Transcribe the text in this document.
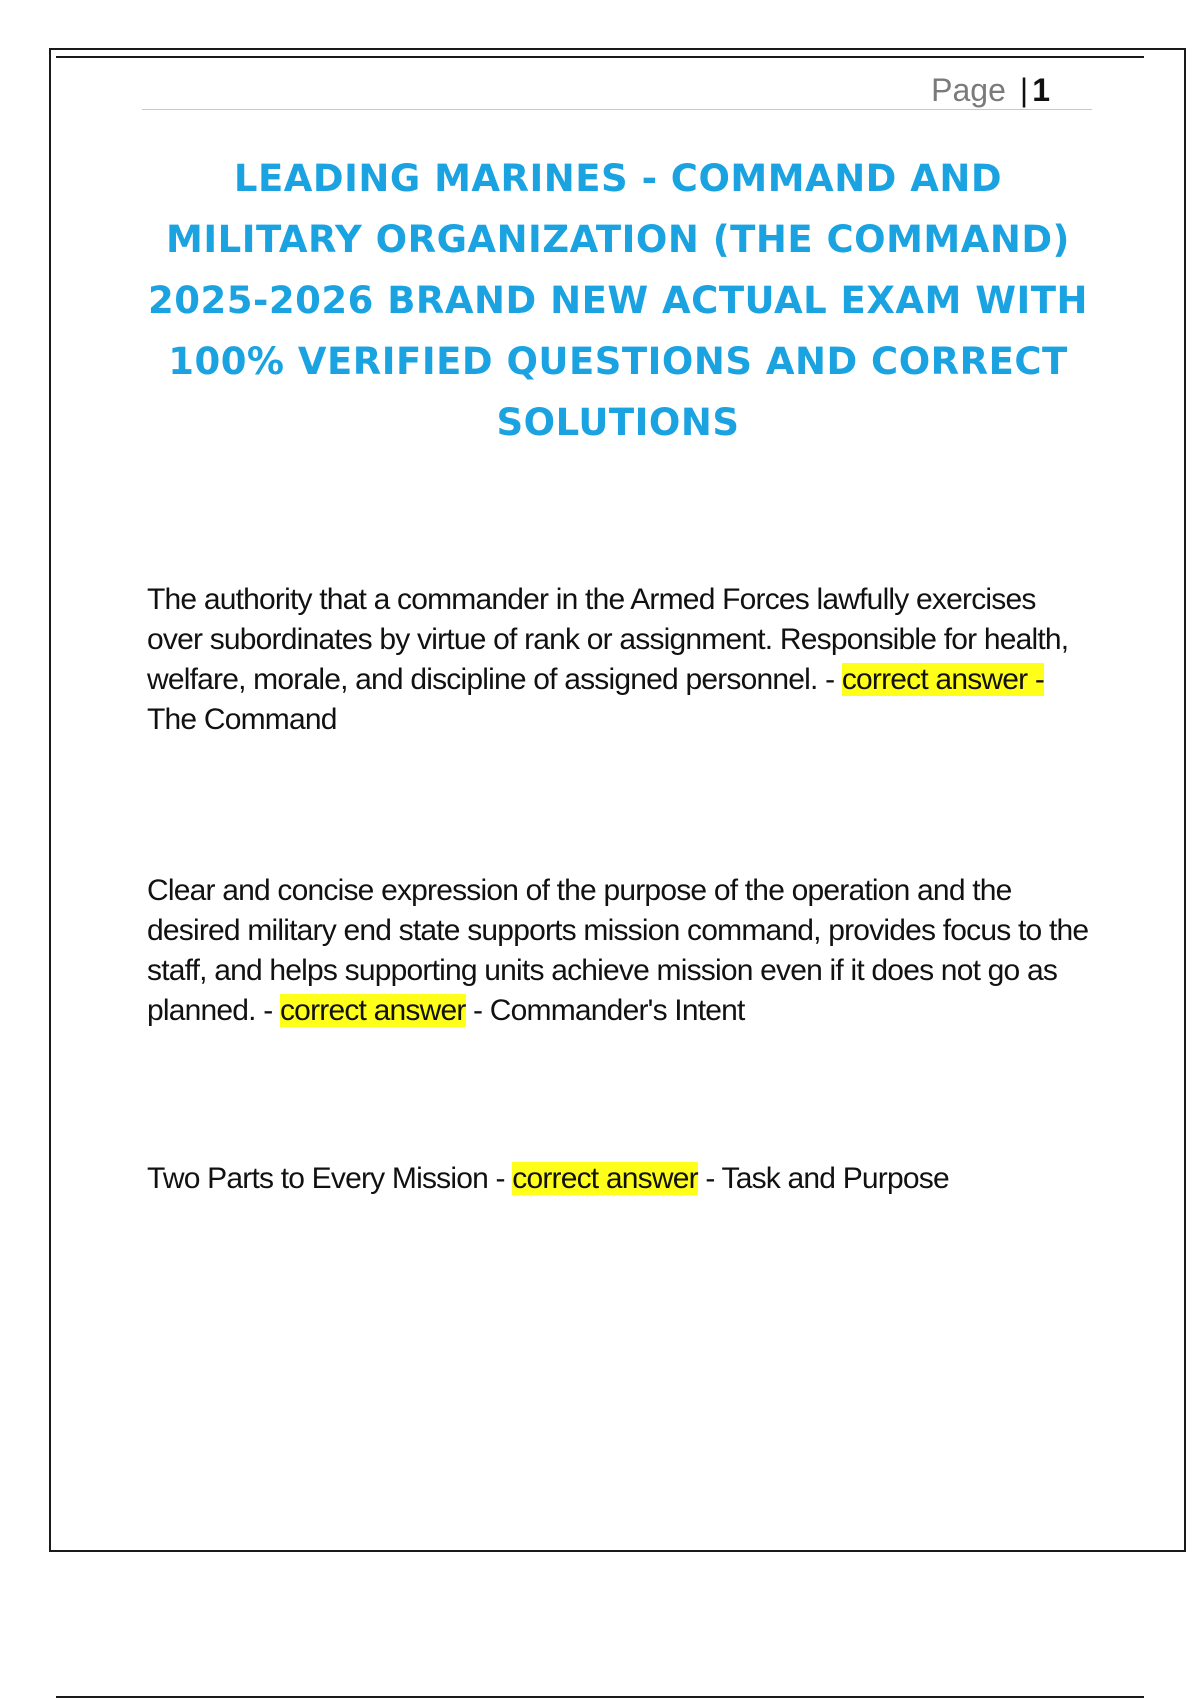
Page | 1
LEADING MARINES - COMMAND AND MILITARY ORGANIZATION (THE COMMAND) 2025-2026 BRAND NEW ACTUAL EXAM WITH 100% VERIFIED QUESTIONS AND CORRECT SOLUTIONS

The authority that a commander in the Armed Forces lawfully exercises over subordinates by virtue of rank or assignment. Responsible for health, welfare, morale, and discipline of assigned personnel. - correct answer - The Command

Clear and concise expression of the purpose of the operation and the desired military end state supports mission command, provides focus to the staff, and helps supporting units achieve mission even if it does not go as planned. - correct answer - Commander's Intent

Two Parts to Every Mission - correct answer - Task and Purpose
